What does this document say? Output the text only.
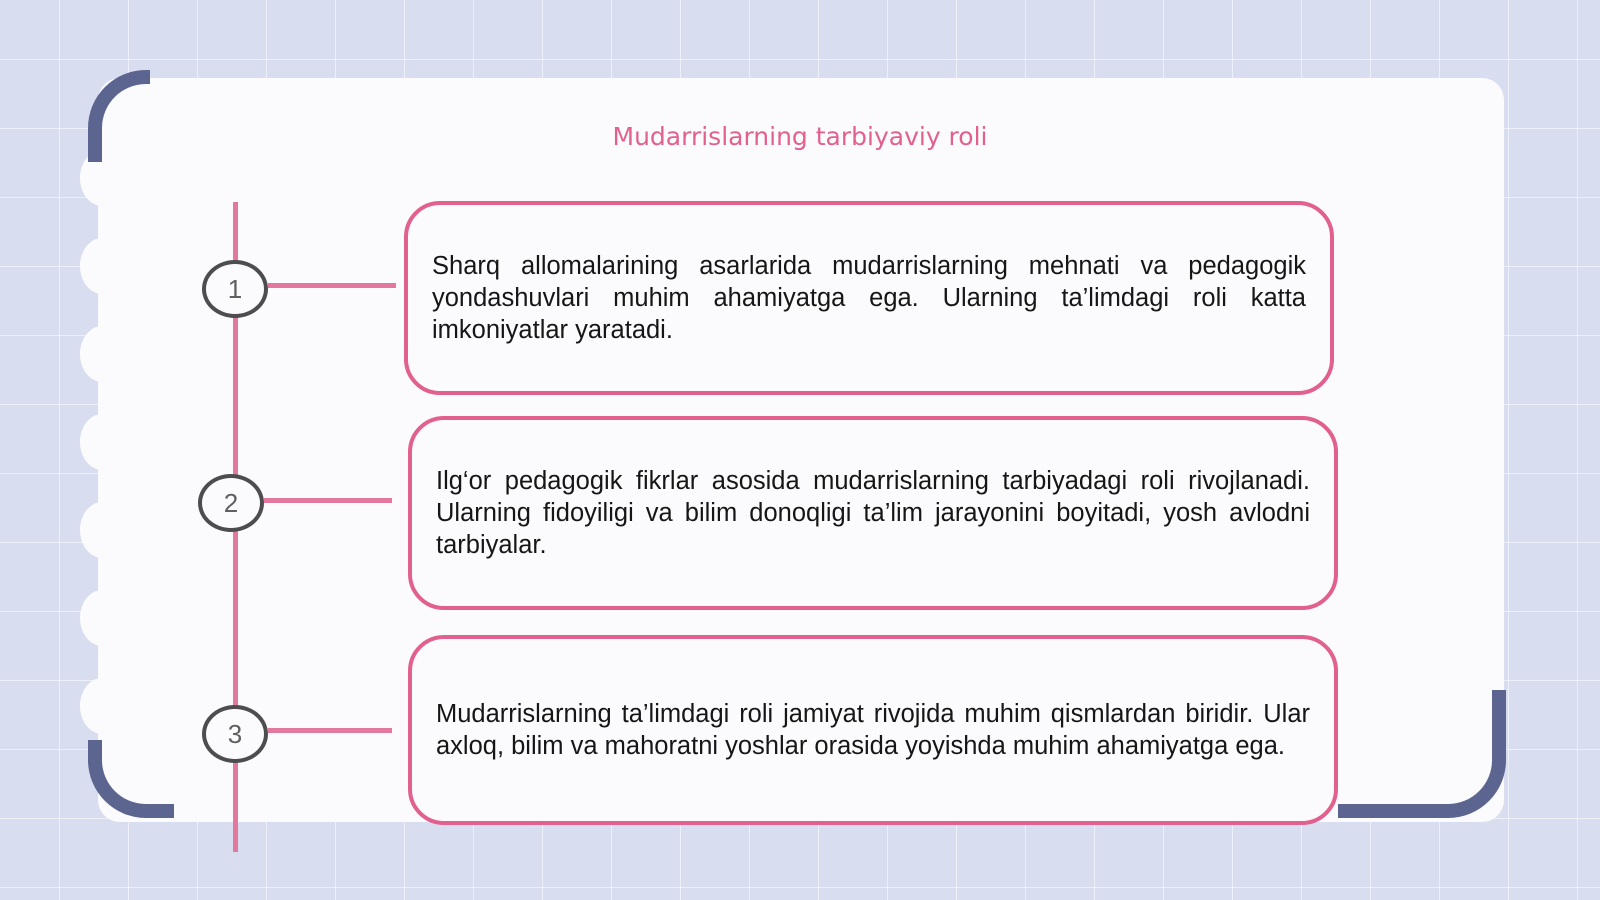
Mudarrislarning tarbiyaviy roli
1
2
3

Sharq allomalarining asarlarida mudarrislarning mehnati va pedagogik yondashuvlari muhim ahamiyatga ega. Ularning ta’limdagi roli katta imkoniyatlar yaratadi.

Ilg‘or pedagogik fikrlar asosida mudarrislarning tarbiyadagi roli rivojlanadi. Ularning fidoyiligi va bilim donoqligi ta’lim jarayonini boyitadi, yosh avlodni tarbiyalar.

Mudarrislarning ta’limdagi roli jamiyat rivojida muhim qismlardan biridir. Ular axloq, bilim va mahoratni yoshlar orasida yoyishda muhim ahamiyatga ega.
